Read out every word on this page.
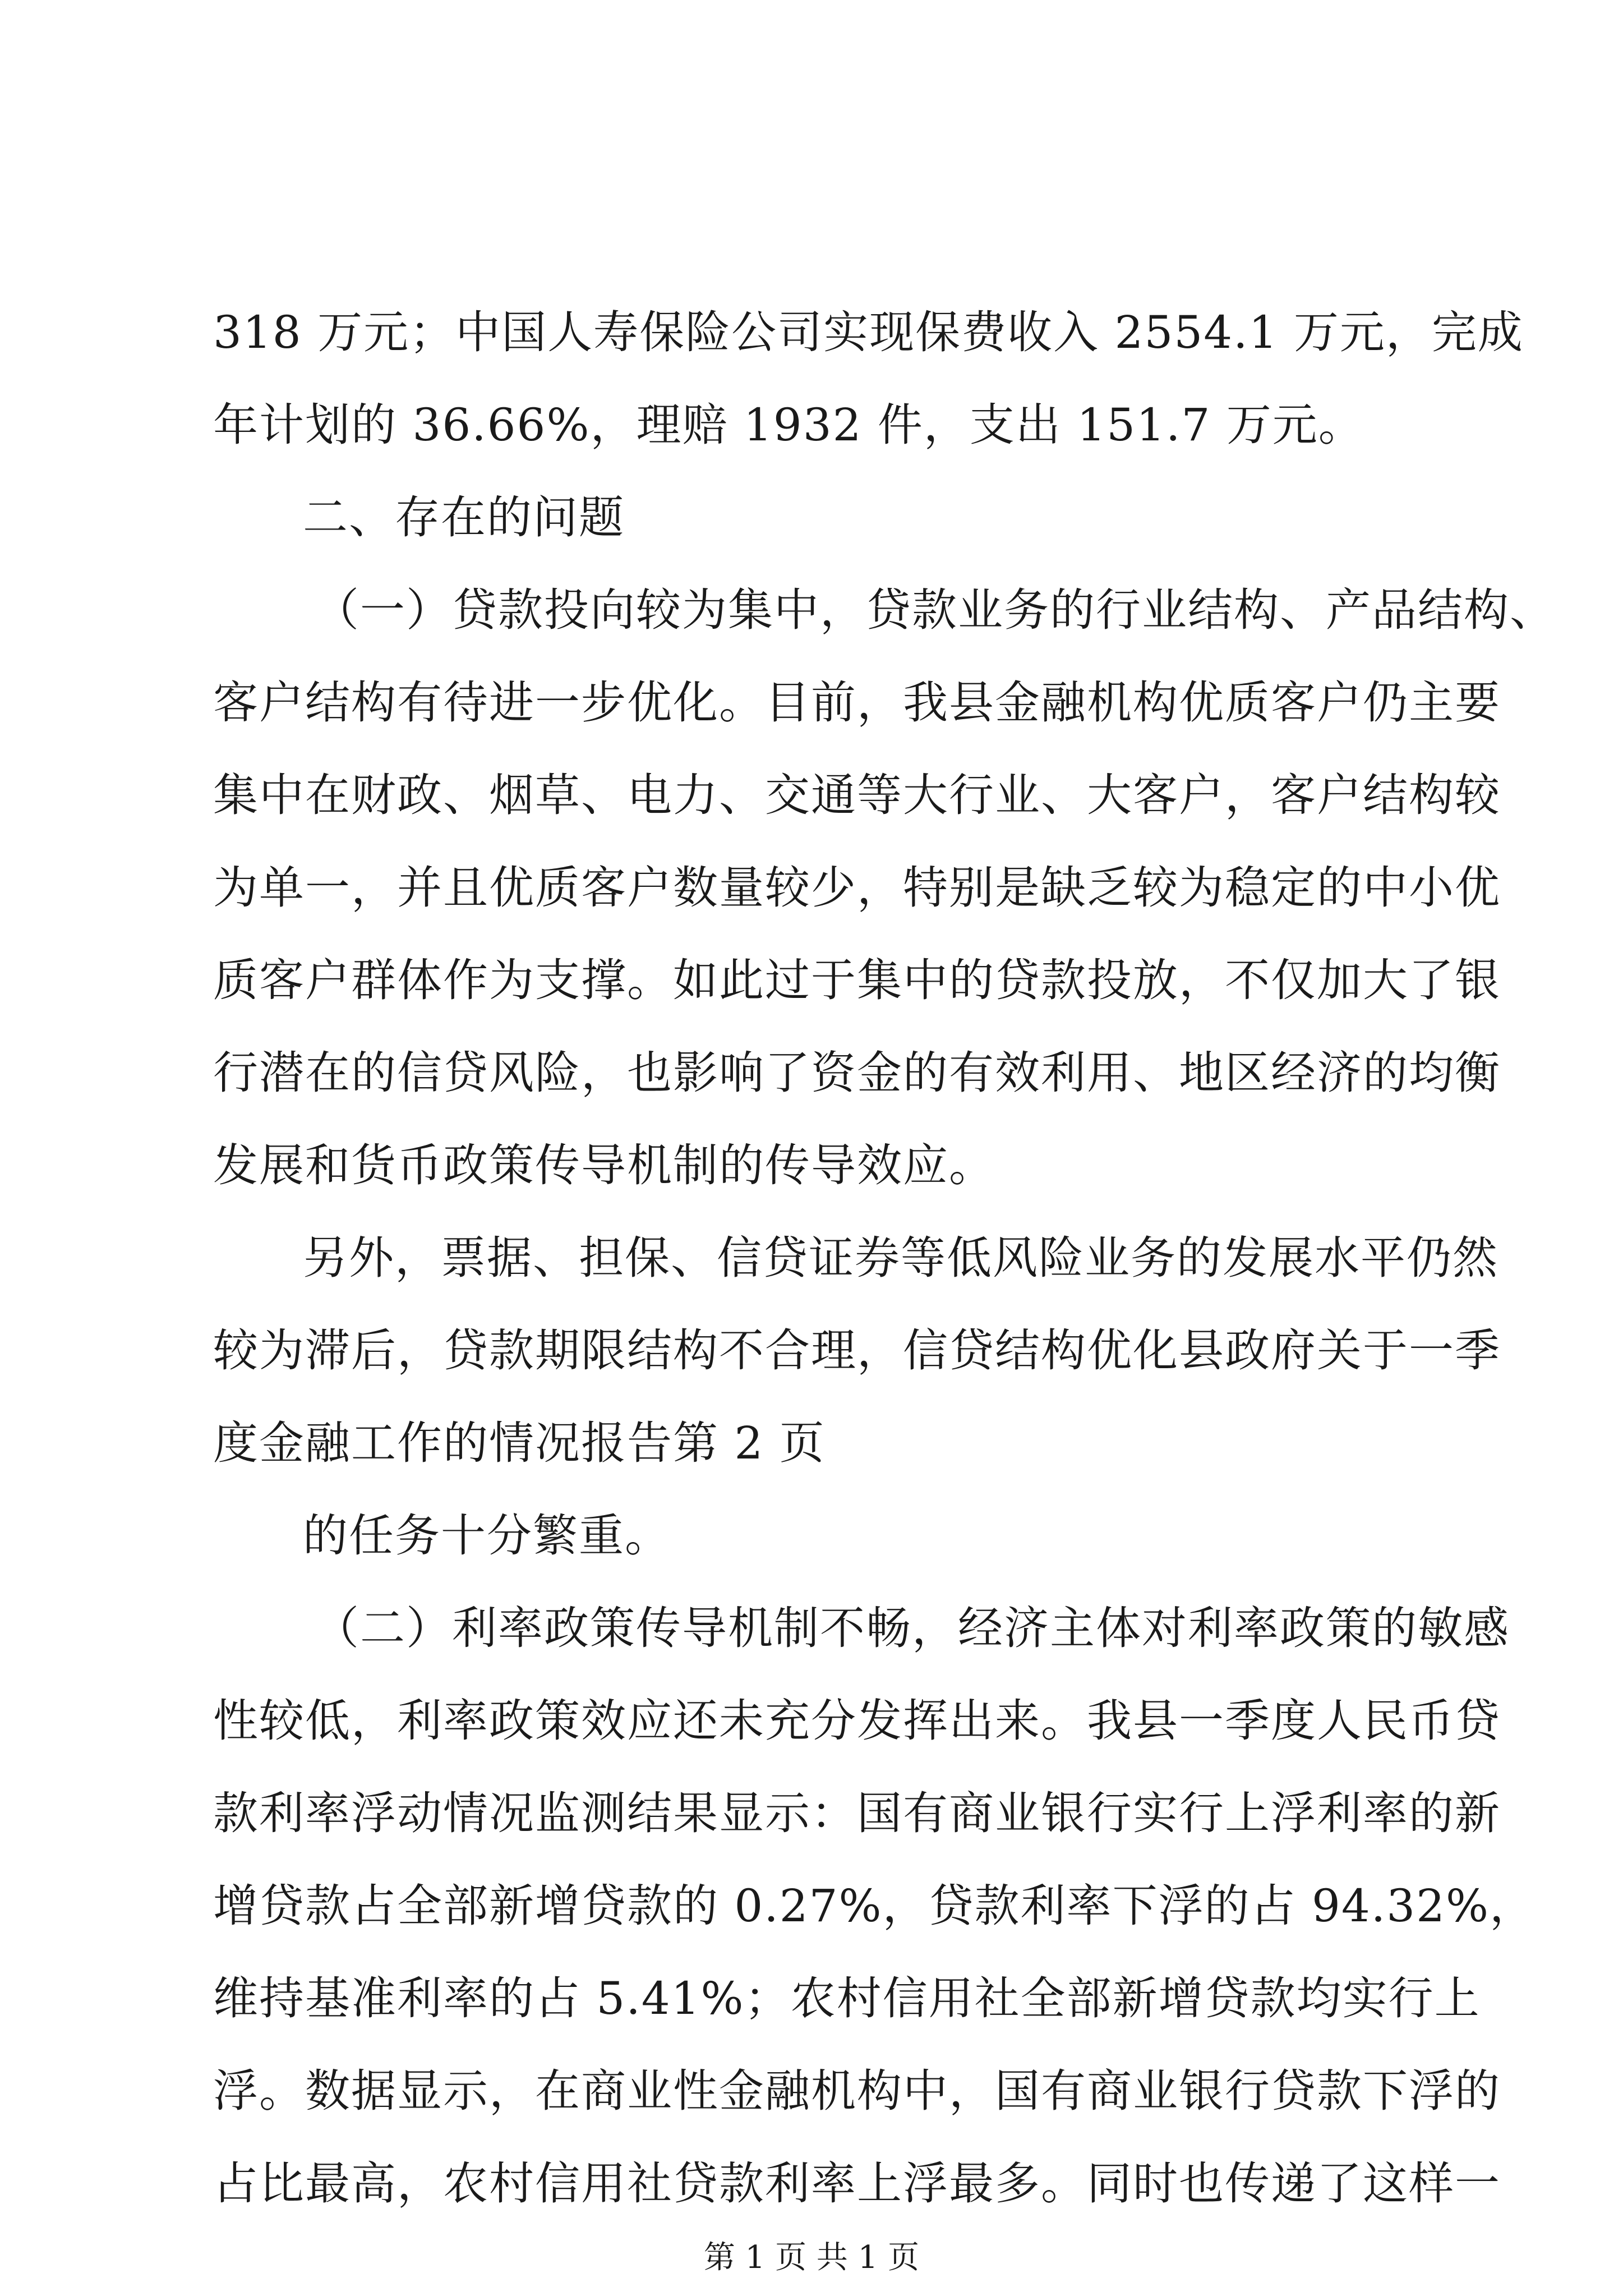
318 万元；中国人寿保险公司实现保费收入 2554.1 万元，完成
年计划的 36.66%，理赔 1932 件，支出 151.7 万元。
二、存在的问题
（一）贷款投向较为集中，贷款业务的行业结构、产品结构、
客户结构有待进一步优化。目前，我县金融机构优质客户仍主要
集中在财政、烟草、电力、交通等大行业、大客户，客户结构较
为单一，并且优质客户数量较少，特别是缺乏较为稳定的中小优
质客户群体作为支撑。如此过于集中的贷款投放，不仅加大了银
行潜在的信贷风险，也影响了资金的有效利用、地区经济的均衡
发展和货币政策传导机制的传导效应。
另外，票据、担保、信贷证券等低风险业务的发展水平仍然
较为滞后，贷款期限结构不合理，信贷结构优化县政府关于一季
度金融工作的情况报告第 2 页
的任务十分繁重。
（二）利率政策传导机制不畅，经济主体对利率政策的敏感
性较低，利率政策效应还未充分发挥出来。我县一季度人民币贷
款利率浮动情况监测结果显示：国有商业银行实行上浮利率的新
增贷款占全部新增贷款的 0.27%，贷款利率下浮的占 94.32%，
维持基准利率的占 5.41%；农村信用社全部新增贷款均实行上
浮。数据显示，在商业性金融机构中，国有商业银行贷款下浮的
占比最高，农村信用社贷款利率上浮最多。同时也传递了这样一
第 1 页 共 1 页
